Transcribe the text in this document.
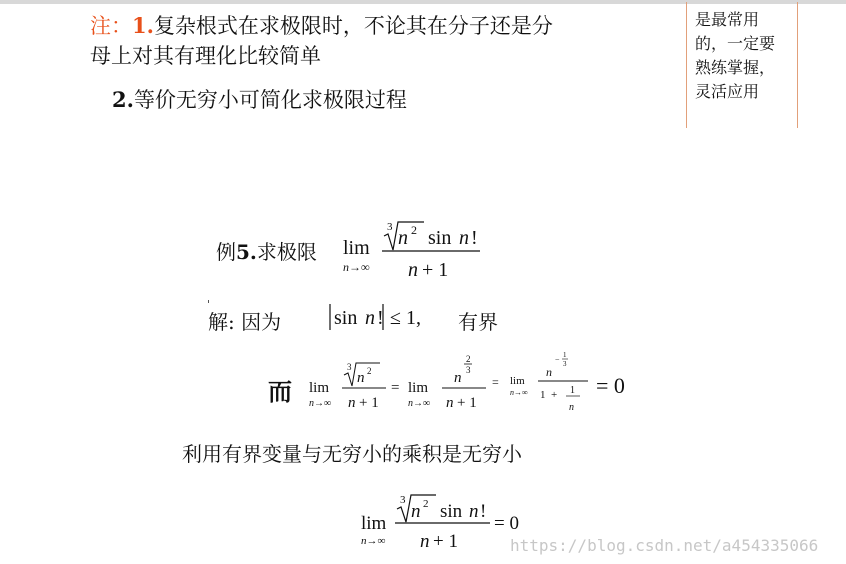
注：1.复杂根式在求极限时，不论其在分子还是分
母上对其有理化比较简单
2.等价无穷小可简化求极限过程
是最常用的，一定要熟练掌握，灵活应用
例5.求极限 lim
n→∞
3 n 2 sin n !
n + 1
解: 因为	sin n ! ≤ 1, 有界
而 lim
n→∞
3
n 2
n + 1
= lim
n→∞
n
2
3
n + 1
= lim
n→∞
n
− 1
3
1 + 1
n
= 0
利用有界变量与无穷小的乘积是无穷小
lim
n→∞
3
n 2 sin n !
n + 1
= 0
https://blog.csdn.net/a454335066
